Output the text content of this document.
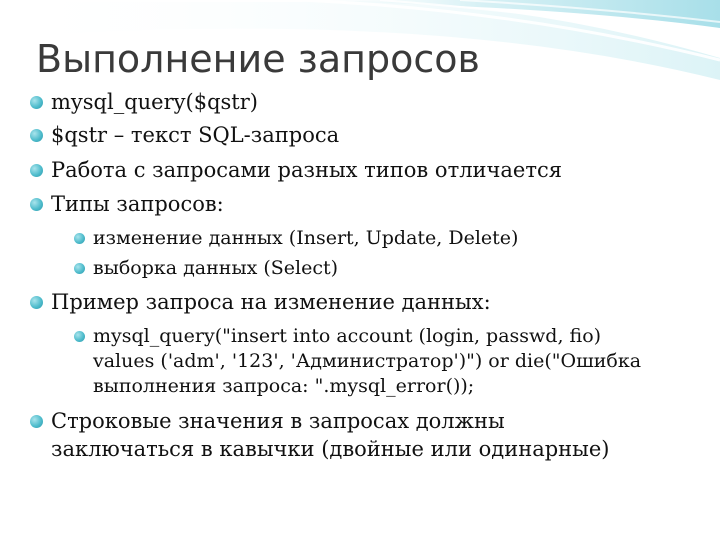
Выполнение запросов
mysql_query($qstr)
$qstr – текст SQL-запроса
Работа с запросами разных типов отличается
Типы запросов:
изменение данных (Insert, Update, Delete)
выборка данных (Select)
Пример запроса на изменение данных:
mysql_query("insert into account (login, passwd, fio)
values ('adm', '123', 'Администратор')") or die("Ошибка
выполнения запроса: ".mysql_error());
Строковые значения в запросах должны
заключаться в кавычки (двойные или одинарные)
